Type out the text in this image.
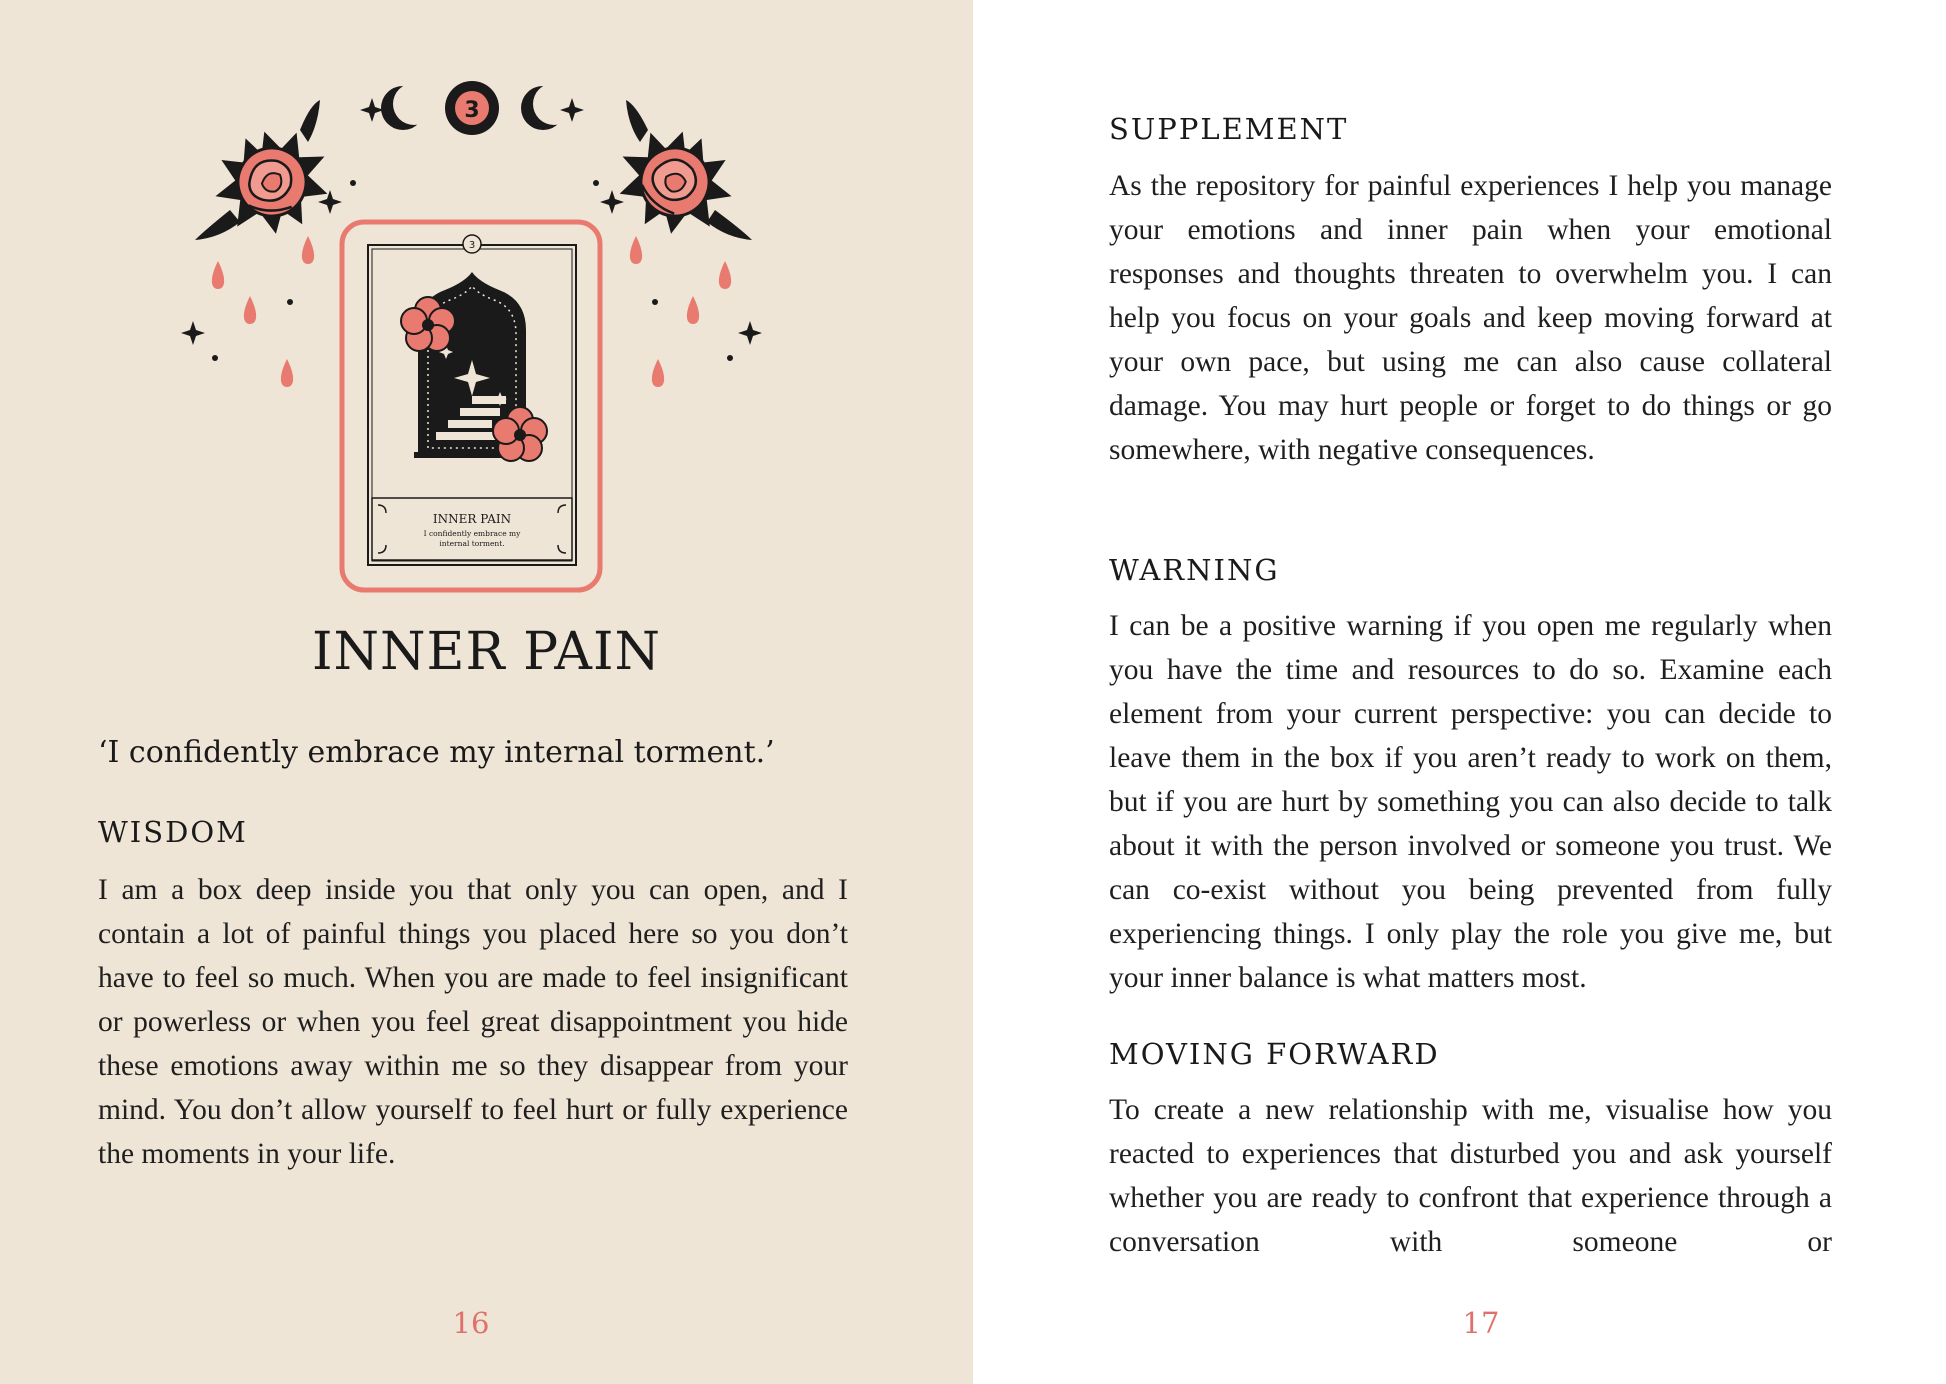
3
3
INNER PAIN
I confidently embrace my
internal torment.
INNER PAIN
‘I confidently embrace my internal torment.’
WISDOM

I am a box deep inside you that only you can open, and I contain a lot of painful things you placed here so you don’t have to feel so much. When you are made to feel insignificant or powerless or when you feel great disappointment you hide these emotions away within me so they disappear from your mind. You don’t allow yourself to feel hurt or fully experience the moments in your life.

16
SUPPLEMENT

As the repository for painful experiences I help you manage your emotions and inner pain when your emotional responses and thoughts threaten to overwhelm you. I can help you focus on your goals and keep moving forward at your own pace, but using me can also cause collateral damage. You may hurt people or forget to do things or go somewhere, with negative consequences.

WARNING

I can be a positive warning if you open me regularly when you have the time and resources to do so. Examine each element from your current perspective: you can decide to leave them in the box if you aren’t ready to work on them, but if you are hurt by something you can also decide to talk about it with the person involved or someone you trust. We can co-exist without you being prevented from fully experiencing things. I only play the role you give me, but your inner balance is what matters most.

MOVING FORWARD

To create a new relationship with me, visualise how you reacted to experiences that disturbed you and ask yourself whether you are ready to confront that experience through a conversation with someone or

17
